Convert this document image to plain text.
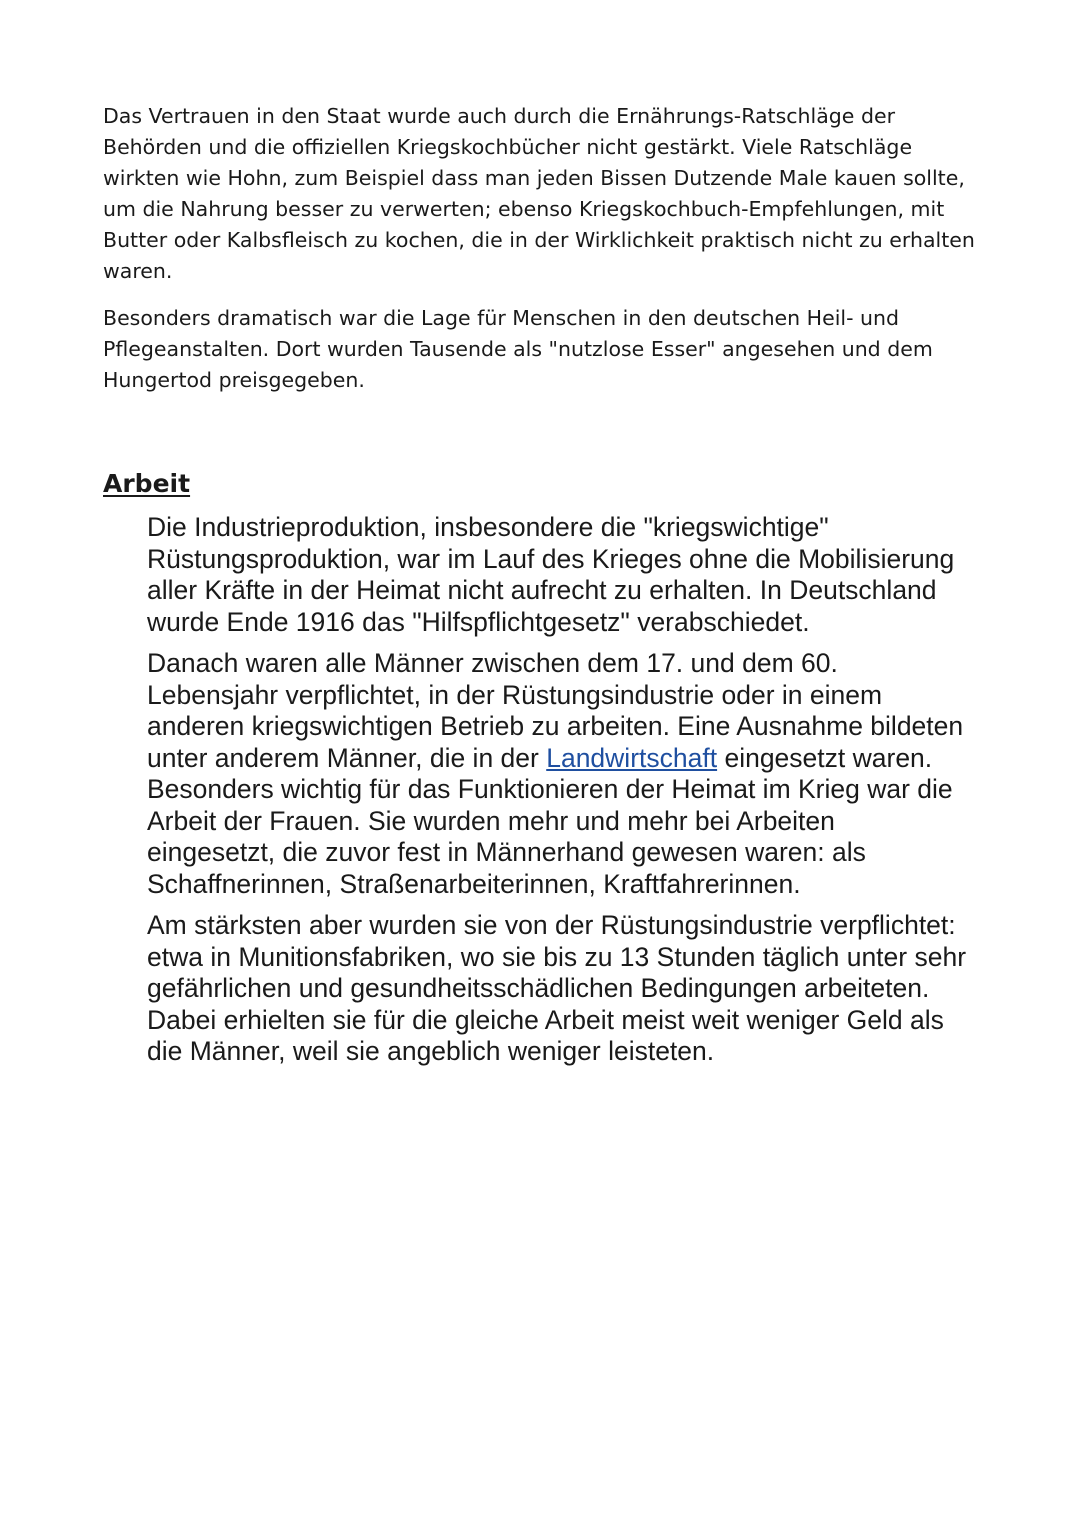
Das Vertrauen in den Staat wurde auch durch die Ernährungs-Ratschläge der Behörden und die offiziellen Kriegskochbücher nicht gestärkt. Viele Ratschläge wirkten wie Hohn, zum Beispiel dass man jeden Bissen Dutzende Male kauen sollte, um die Nahrung besser zu verwerten; ebenso Kriegskochbuch-Empfehlungen, mit Butter oder Kalbsfleisch zu kochen, die in der Wirklichkeit praktisch nicht zu erhalten waren.

Besonders dramatisch war die Lage für Menschen in den deutschen Heil- und Pflegeanstalten. Dort wurden Tausende als "nutzlose Esser" angesehen und dem Hungertod preisgegeben.

Arbeit

Die Industrieproduktion, insbesondere die "kriegswichtige" Rüstungsproduktion, war im Lauf des Krieges ohne die Mobilisierung aller Kräfte in der Heimat nicht aufrecht zu erhalten. In Deutschland wurde Ende 1916 das "Hilfspflichtgesetz" verabschiedet.

Danach waren alle Männer zwischen dem 17. und dem 60. Lebensjahr verpflichtet, in der Rüstungsindustrie oder in einem anderen kriegswichtigen Betrieb zu arbeiten. Eine Ausnahme bildeten unter anderem Männer, die in der Landwirtschaft eingesetzt waren.

Besonders wichtig für das Funktionieren der Heimat im Krieg war die Arbeit der Frauen. Sie wurden mehr und mehr bei Arbeiten eingesetzt, die zuvor fest in Männerhand gewesen waren: als Schaffnerinnen, Straßenarbeiterinnen, Kraftfahrerinnen.

Am stärksten aber wurden sie von der Rüstungsindustrie verpflichtet: etwa in Munitionsfabriken, wo sie bis zu 13 Stunden täglich unter sehr gefährlichen und gesundheitsschädlichen Bedingungen arbeiteten. Dabei erhielten sie für die gleiche Arbeit meist weit weniger Geld als die Männer, weil sie angeblich weniger leisteten.
